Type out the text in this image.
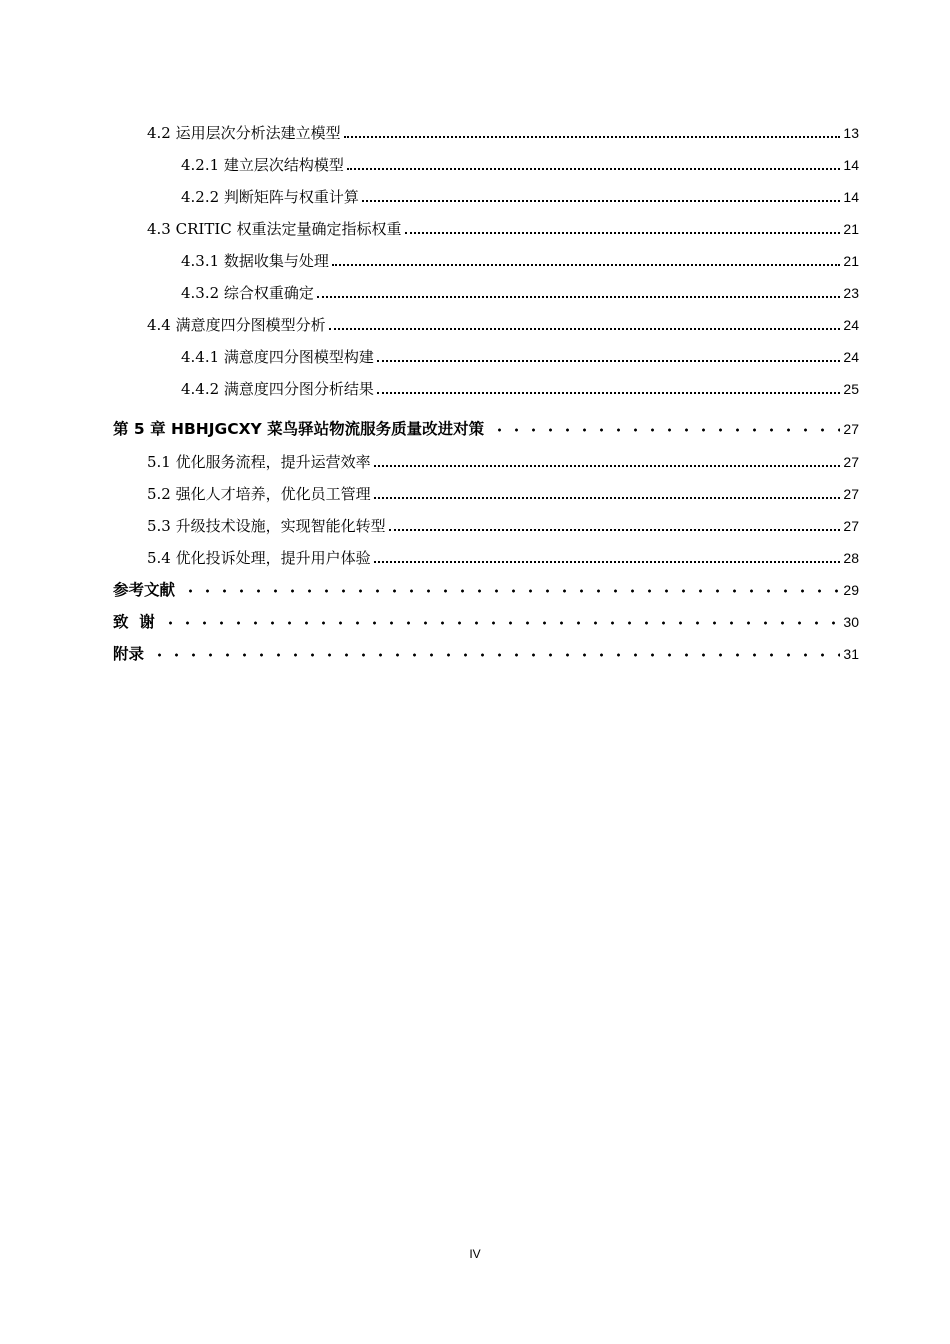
4.2 运用层次分析法建立模型	13
4.2.1 建立层次结构模型	14
4.2.2 判断矩阵与权重计算	14
4.3 CRITIC 权重法定量确定指标权重	21
4.3.1 数据收集与处理	21
4.3.2 综合权重确定	23
4.4 满意度四分图模型分析	24
4.4.1 满意度四分图模型构建	24
4.4.2 满意度四分图分析结果	25
第 5 章 HBHJGCXY 菜鸟驿站物流服务质量改进对策	27
5.1 优化服务流程，提升运营效率	27
5.2 强化人才培养，优化员工管理	27
5.3 升级技术设施，实现智能化转型	27
5.4 优化投诉处理，提升用户体验	28
参考文献	29
致  谢	30
附录	31
IV
